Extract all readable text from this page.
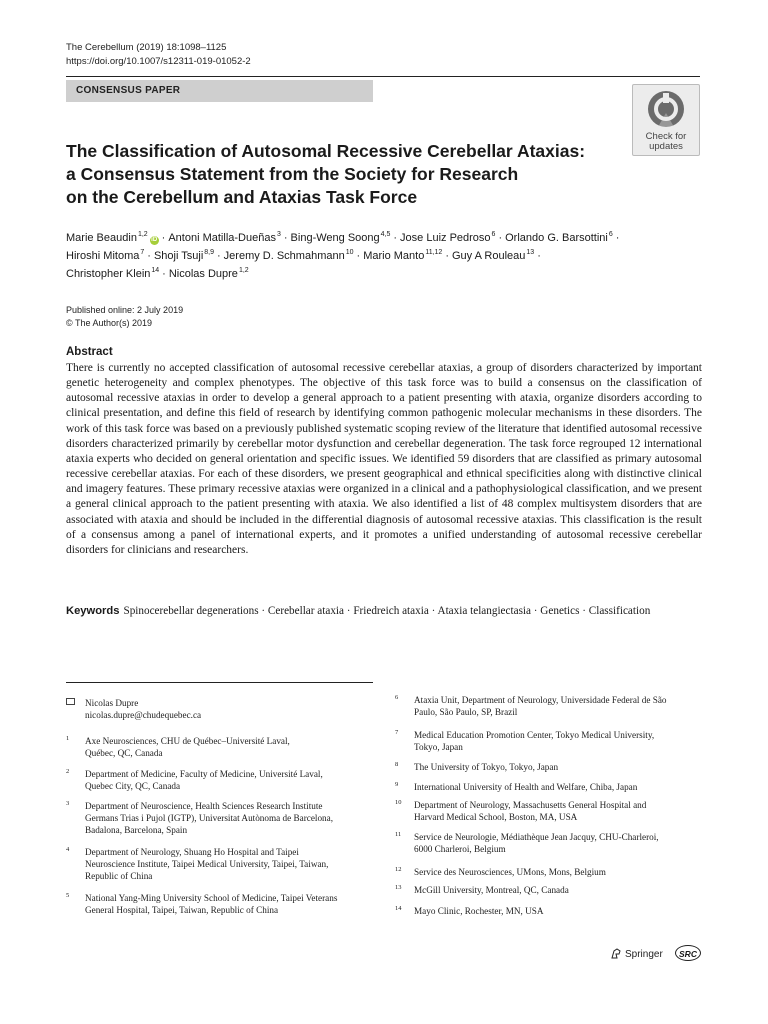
The Cerebellum (2019) 18:1098–1125
https://doi.org/10.1007/s12311-019-01052-2
CONSENSUS PAPER
Check for
updates
The Classification of Autosomal Recessive Cerebellar Ataxias:
a Consensus Statement from the Society for Research
on the Cerebellum and Ataxias Task Force
Marie Beaudin$^{1,2}$iD · Antoni Matilla-Dueñas$^3$ · Bing-Weng Soong$^{4,5}$ · Jose Luiz Pedroso$^6$ · Orlando G. Barsottini$^6$ ·
Hiroshi Mitoma$^7$ · Shoji Tsuji$^{8,9}$ · Jeremy D. Schmahmann$^{10}$ · Mario Manto$^{11,12}$ · Guy A Rouleau$^{13}$ ·
Christopher Klein$^{14}$ · Nicolas Dupre$^{1,2}$
Published online: 2 July 2019
© The Author(s) 2019
Abstract
There is currently no accepted classification of autosomal recessive cerebellar ataxias, a group of disorders characterized by important genetic heterogeneity and complex phenotypes. The objective of this task force was to build a consensus on the classification of autosomal recessive ataxias in order to develop a general approach to a patient presenting with ataxia, organize disorders according to clinical presentation, and define this field of research by identifying common pathogenic molecular mechanisms in these disorders. The work of this task force was based on a previously published systematic scoping review of the literature that identified autosomal recessive disorders characterized primarily by cerebellar motor dysfunction and cerebellar degeneration. The task force regrouped 12 international ataxia experts who decided on general orientation and specific issues. We identified 59 disorders that are classified as primary autosomal recessive cerebellar ataxias. For each of these disorders, we present geographical and ethnical specificities along with distinctive clinical and imagery features. These primary recessive ataxias were organized in a clinical and a pathophysiological classification, and we present a general clinical approach to the patient presenting with ataxia. We also identified a list of 48 complex multisystem disorders that are associated with ataxia and should be included in the differential diagnosis of autosomal recessive ataxias. This classification is the result of a consensus among a panel of international experts, and it promotes a unified understanding of autosomal recessive cerebellar disorders for clinicians and researchers.
Keywords Spinocerebellar degenerations · Cerebellar ataxia · Friedreich ataxia · Ataxia telangiectasia · Genetics · Classification
Nicolas Dupre
nicolas.dupre@chudequebec.ca
1 Axe Neurosciences, CHU de Québec–Université Laval,
Québec, QC, Canada
2 Department of Medicine, Faculty of Medicine, Université Laval,
Quebec City, QC, Canada
3 Department of Neuroscience, Health Sciences Research Institute
Germans Trias i Pujol (IGTP), Universitat Autònoma de Barcelona,
Badalona, Barcelona, Spain
4 Department of Neurology, Shuang Ho Hospital and Taipei
Neuroscience Institute, Taipei Medical University, Taipei, Taiwan,
Republic of China
5 National Yang-Ming University School of Medicine, Taipei Veterans
General Hospital, Taipei, Taiwan, Republic of China
6 Ataxia Unit, Department of Neurology, Universidade Federal de São
Paulo, São Paulo, SP, Brazil
7 Medical Education Promotion Center, Tokyo Medical University,
Tokyo, Japan
8 The University of Tokyo, Tokyo, Japan
9 International University of Health and Welfare, Chiba, Japan
10 Department of Neurology, Massachusetts General Hospital and
Harvard Medical School, Boston, MA, USA
11 Service de Neurologie, Médiathèque Jean Jacquy, CHU-Charleroi,
6000 Charleroi, Belgium
12 Service des Neurosciences, UMons, Mons, Belgium
13 McGill University, Montreal, QC, Canada
14 Mayo Clinic, Rochester, MN, USA
Springer	SRC
